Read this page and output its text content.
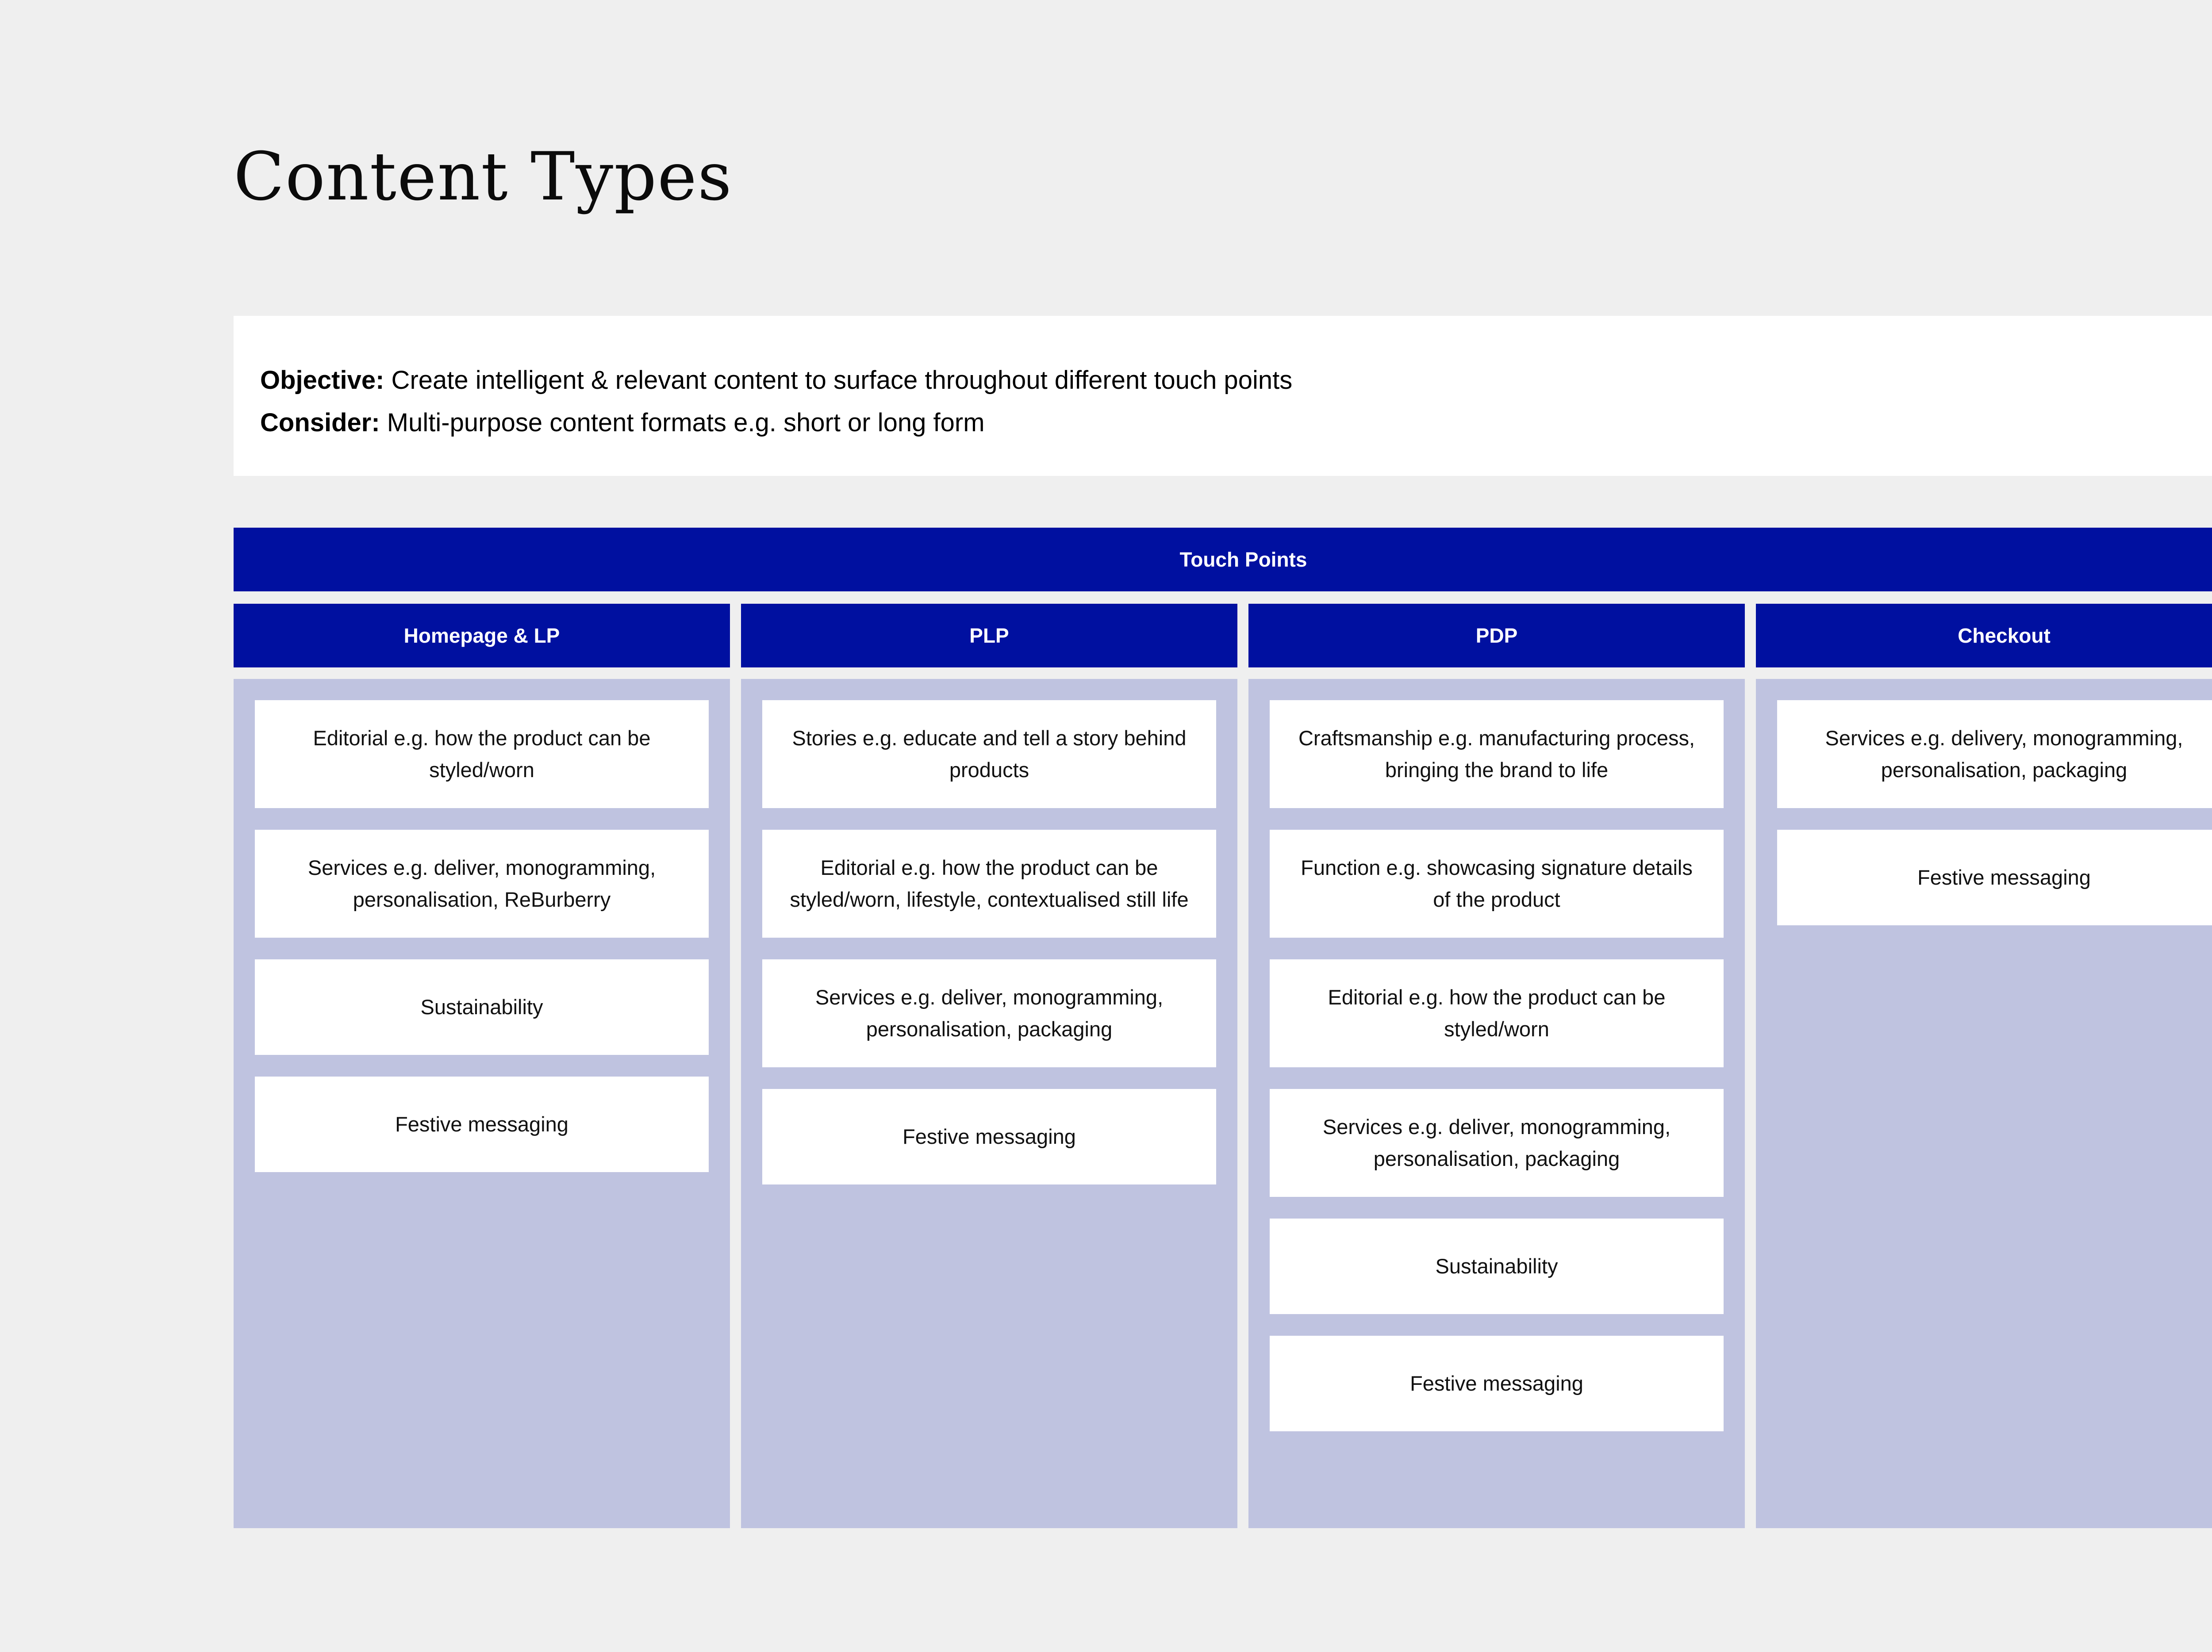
Content Types
Objective: Create intelligent & relevant content to surface throughout different touch points
Consider: Multi-purpose content formats e.g. short or long form
Touch Points
Homepage & LP
Editorial e.g. how the product can be styled/worn
Services e.g. deliver, monogramming, personalisation, ReBurberry
Sustainability
Festive messaging
PLP
Stories e.g. educate and tell a story behind products
Editorial e.g. how the product can be styled/worn, lifestyle, contextualised still life
Services e.g. deliver, monogramming, personalisation, packaging
Festive messaging
PDP
Craftsmanship e.g. manufacturing process, bringing the brand to life
Function e.g. showcasing signature details of the product
Editorial e.g. how the product can be styled/worn
Services e.g. deliver, monogramming, personalisation, packaging
Sustainability
Festive messaging
Checkout
Services e.g. delivery, monogramming, personalisation, packaging
Festive messaging
